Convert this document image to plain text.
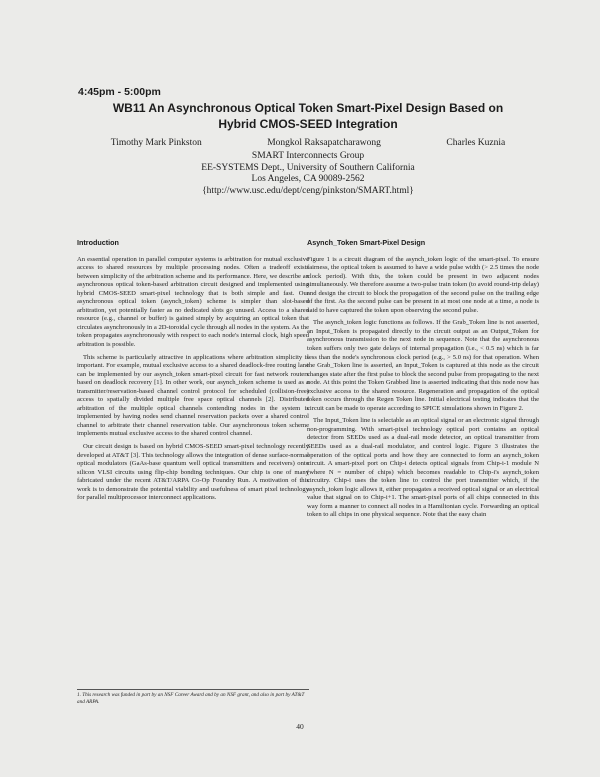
4:45pm - 5:00pm
WB11 An Asynchronous Optical Token Smart-Pixel Design Based on
Hybrid CMOS-SEED Integration
Timothy Mark Pinkston	Mongkol Raksapatcharawong	Charles Kuznia
SMART Interconnects Group
EE-SYSTEMS Dept., University of Southern California
Los Angeles, CA 90089-2562
{http://www.usc.edu/dept/ceng/pinkston/SMART.html}
Introduction

An essential operation in parallel computer systems is arbitration for mutual exclusive access to shared resources by multiple processing nodes. Often a tradeoff exists between simplicity of the arbitration scheme and its performance. Here, we describe an asynchronous optical token-based arbitration circuit designed and implemented using hybrid CMOS-SEED smart-pixel technology that is both simple and fast. Our asynchronous optical token (asynch_token) scheme is simpler than slot-based arbitration, yet potentially faster as no dedicated slots go unused. Access to a shared resource (e.g., channel or buffer) is gained simply by acquiring an optical token that circulates asynchronously in a 2D-toroidal cycle through all nodes in the system. As the token propagates asynchronously with respect to each node's internal clock, high speed arbitration is possible.

This scheme is particularly attractive in applications where arbitration simplicity is important. For example, mutual exclusive access to a shared deadlock-free routing lane can be implemented by our asynch_token smart-pixel circuit for fast network routers based on deadlock recovery [1]. In other work, our asynch_token scheme is used as a transmitter/reservation-based channel control protocol for scheduled (collision-free) access to spatially divided multiple free space optical channels [2]. Distributed arbitration of the multiple optical channels contending nodes in the system is implemented by having nodes send channel reservation packets over a shared control channel to arbitrate their channel reservation table. Our asynchronous token scheme implements mutual exclusive access to the shared control channel.

Our circuit design is based on hybrid CMOS-SEED smart-pixel technology recently developed at AT&T [3]. This technology allows the integration of dense surface-normal optical modulators (GaAs-base quantum well optical transmitters and receivers) onto silicon VLSI circuits using flip-chip bonding techniques. Our chip is one of many fabricated under the recent AT&T/ARPA Co-Op Foundry Run. A motivation of this work is to demonstrate the potential viability and usefulness of smart pixel technology for parallel multiprocessor interconnect applications.

Asynch_Token Smart-Pixel Design

Figure 1 is a circuit diagram of the asynch_token logic of the smart-pixel. To ensure fairness, the optical token is assumed to have a wide pulse width (> 2.5 times the node clock period). With this, the token could be present in two adjacent nodes simultaneously. We therefore assume a two-pulse train token (to avoid round-trip delay) and design the circuit to block the propagation of the second pulse on the trailing edge of the first. As the second pulse can be present in at most one node at a time, a node is said to have captured the token upon observing the second pulse.

The asynch_token logic functions as follows. If the Grab_Token line is not asserted, an Input_Token is propagated directly to the circuit output as an Output_Token for asynchronous transmission to the next node in sequence. Note that the asynchronous token suffers only two gate delays of internal propagation (i.e., < 0.5 ns) which is far less than the node's synchronous clock period (e.g., > 5.0 ns) for that operation. When the Grab_Token line is asserted, an Input_Token is captured at this node as the circuit changes state after the first pulse to block the second pulse from propagating to the next node. At this point the Token Grabbed line is asserted indicating that this node now has exclusive access to the shared resource. Regeneration and propagation of the optical token occurs through the Regen Token line. Initial electrical testing indicates that the circuit can be made to operate according to SPICE simulations shown in Figure 2.

The Input_Token line is selectable as an optical signal or an electronic signal through non-programming. With smart-pixel technology optical port contains an optical detector from SEEDs used as a dual-rail mode detector, an optical transmitter from SEEDs used as a dual-rail modulator, and control logic. Figure 3 illustrates the operation of the optical ports and how they are connected to form an asynch_token circuit. A smart-pixel port on Chip-i detects optical signals from Chip-i-1 module N (where N = number of chips) which becomes readable to Chip-i's asynch_token circuitry. Chip-i uses the token line to control the port transmitter which, if the asynch_token logic allows it, either propagates a received optical signal or an electrical value that signal on to Chip-i+1. The smart-pixel ports of all chips connected in this way form a manner to connect all nodes in a Hamiltonian cycle. Forwarding an optical token to all chips in one physical sequence. Note that the easy chain

1. This research was funded in part by an NSF Career Award and by an NSF grant, and also in part by AT&T and ARPA.
40
